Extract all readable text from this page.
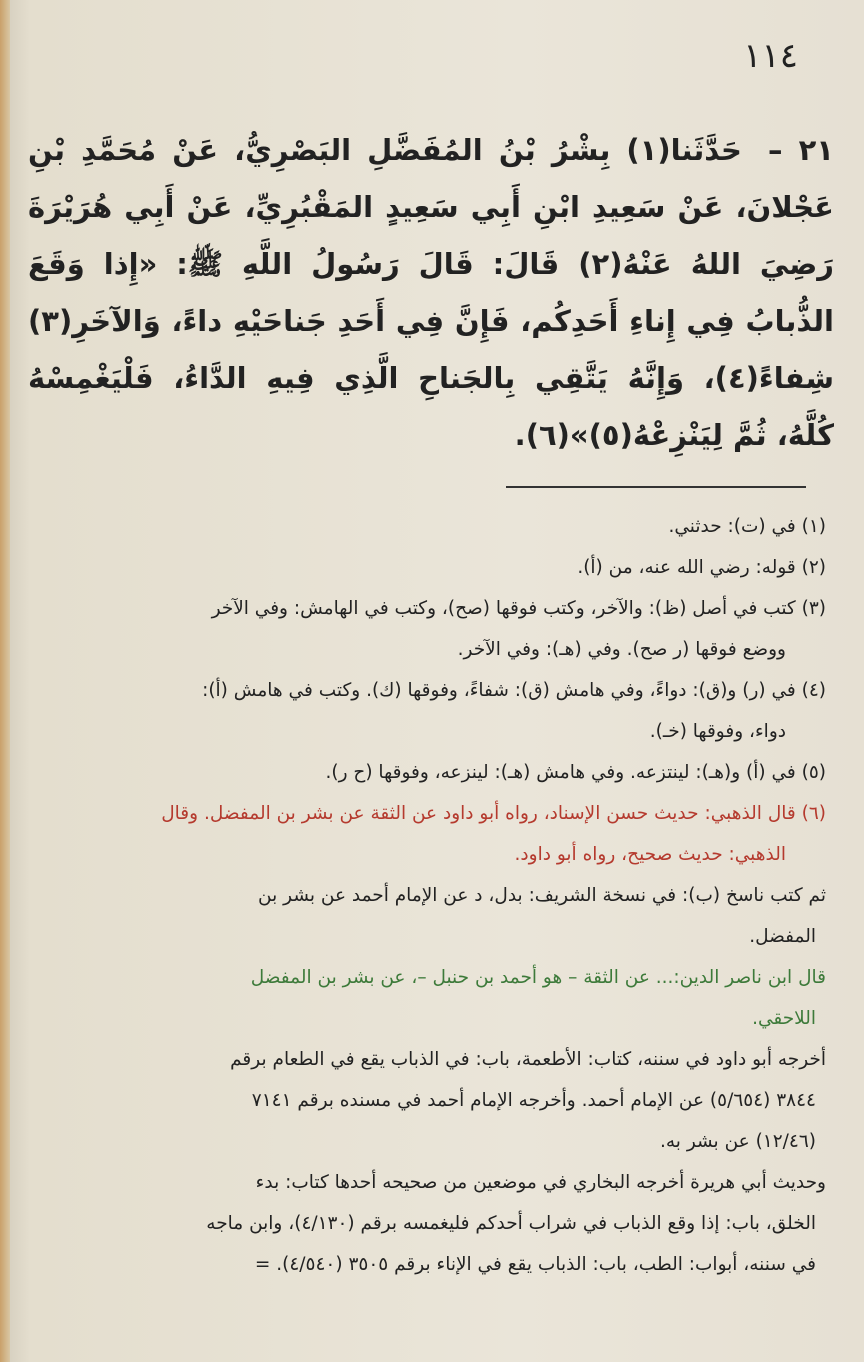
١١٤
٢١ – حَدَّثَنا(١) بِشْرُ بْنُ المُفَضَّلِ البَصْرِيُّ، عَنْ مُحَمَّدِ بْنِ عَجْلانَ، عَنْ سَعِيدِ ابْنِ أَبِي سَعِيدٍ المَقْبُرِيِّ، عَنْ أَبِي هُرَيْرَةَ رَضِيَ اللهُ عَنْهُ(٢) قَالَ: قَالَ رَسُولُ اللَّهِ ﷺ: «إِذا وَقَعَ الذُّبابُ فِي إِناءِ أَحَدِكُم، فَإِنَّ فِي أَحَدِ جَناحَيْهِ داءً، وَالآخَرِ(٣) شِفاءً(٤)، وَإِنَّهُ يَتَّقِي بِالجَناحِ الَّذِي فِيهِ الدَّاءُ، فَلْيَغْمِسْهُ كُلَّهُ، ثُمَّ لِيَنْزِعْهُ(٥)»(٦).

(١) في (ت): حدثني.

(٢) قوله: رضي الله عنه، من (أ).

(٣) كتب في أصل (ظ): والآخر، وكتب فوقها (صح)، وكتب في الهامش: وفي الآخر
ووضع فوقها (ر صح). وفي (هـ): وفي الآخر.

(٤) في (ر) و(ق): دواءً، وفي هامش (ق): شفاءً، وفوقها (ك). وكتب في هامش (أ):
دواء، وفوقها (خـ).

(٥) في (أ) و(هـ): لينتزعه. وفي هامش (هـ): لينزعه، وفوقها (ح ر).

(٦) قال الذهبي: حديث حسن الإسناد، رواه أبو داود عن الثقة عن بشر بن المفضل. وقال
الذهبي: حديث صحيح، رواه أبو داود.

ثم كتب ناسخ (ب): في نسخة الشريف: بدل، د عن الإمام أحمد عن بشر بن
المفضل.

قال ابن ناصر الدين:... عن الثقة – هو أحمد بن حنبل –، عن بشر بن المفضل
اللاحقي.

أخرجه أبو داود في سننه، كتاب: الأطعمة، باب: في الذباب يقع في الطعام برقم
٣٨٤٤ (٥/٦٥٤) عن الإمام أحمد. وأخرجه الإمام أحمد في مسنده برقم ٧١٤١
(١٢/٤٦) عن بشر به.

وحديث أبي هريرة أخرجه البخاري في موضعين من صحيحه أحدها كتاب: بدء
الخلق، باب: إذا وقع الذباب في شراب أحدكم فليغمسه برقم (٤/١٣٠)، وابن ماجه
في سننه، أبواب: الطب، باب: الذباب يقع في الإناء برقم ٣٥٠٥ (٤/٥٤٠). =
